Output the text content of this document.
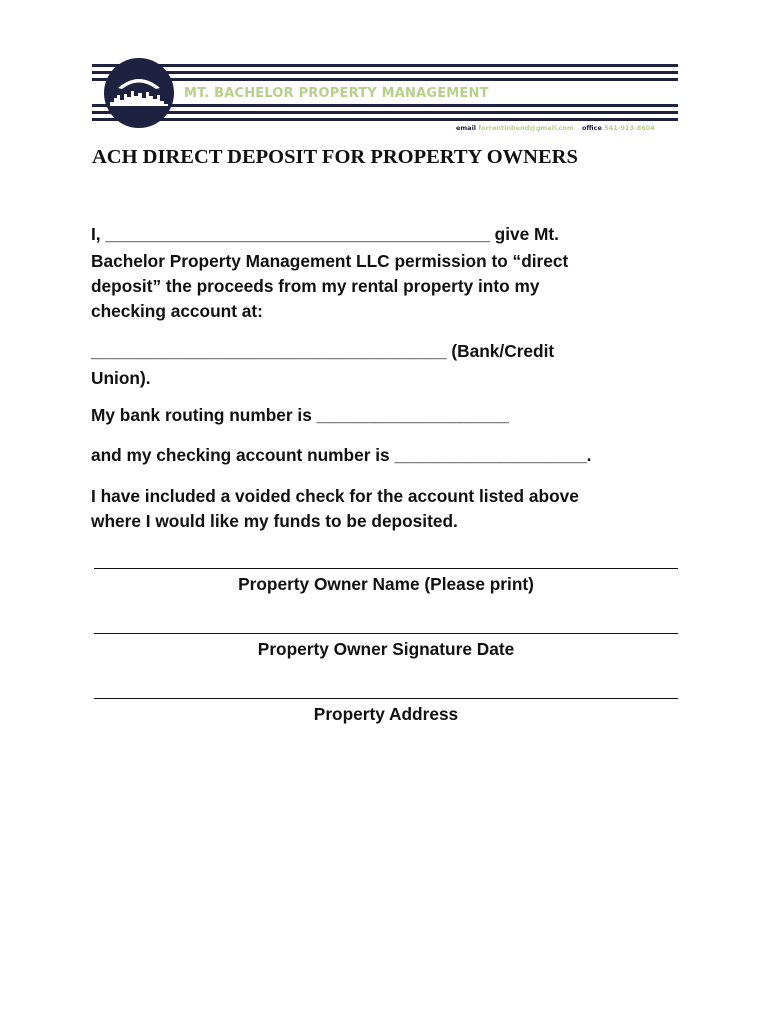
MT. BACHELOR PROPERTY MANAGEMENT
email forrentinbend@gmail.com office 541-913-8604
ACH DIRECT DEPOSIT FOR PROPERTY OWNERS

I, ________________________________________ give Mt.

Bachelor Property Management LLC permission to “direct

deposit” the proceeds from my rental property into my

checking account at:

_____________________________________ (Bank/Credit

Union).

My bank routing number is ____________________

and my checking account number is ____________________.

I have included a voided check for the account listed above

where I would like my funds to be deposited.

Property Owner Name (Please print)

Property Owner Signature Date

Property Address
